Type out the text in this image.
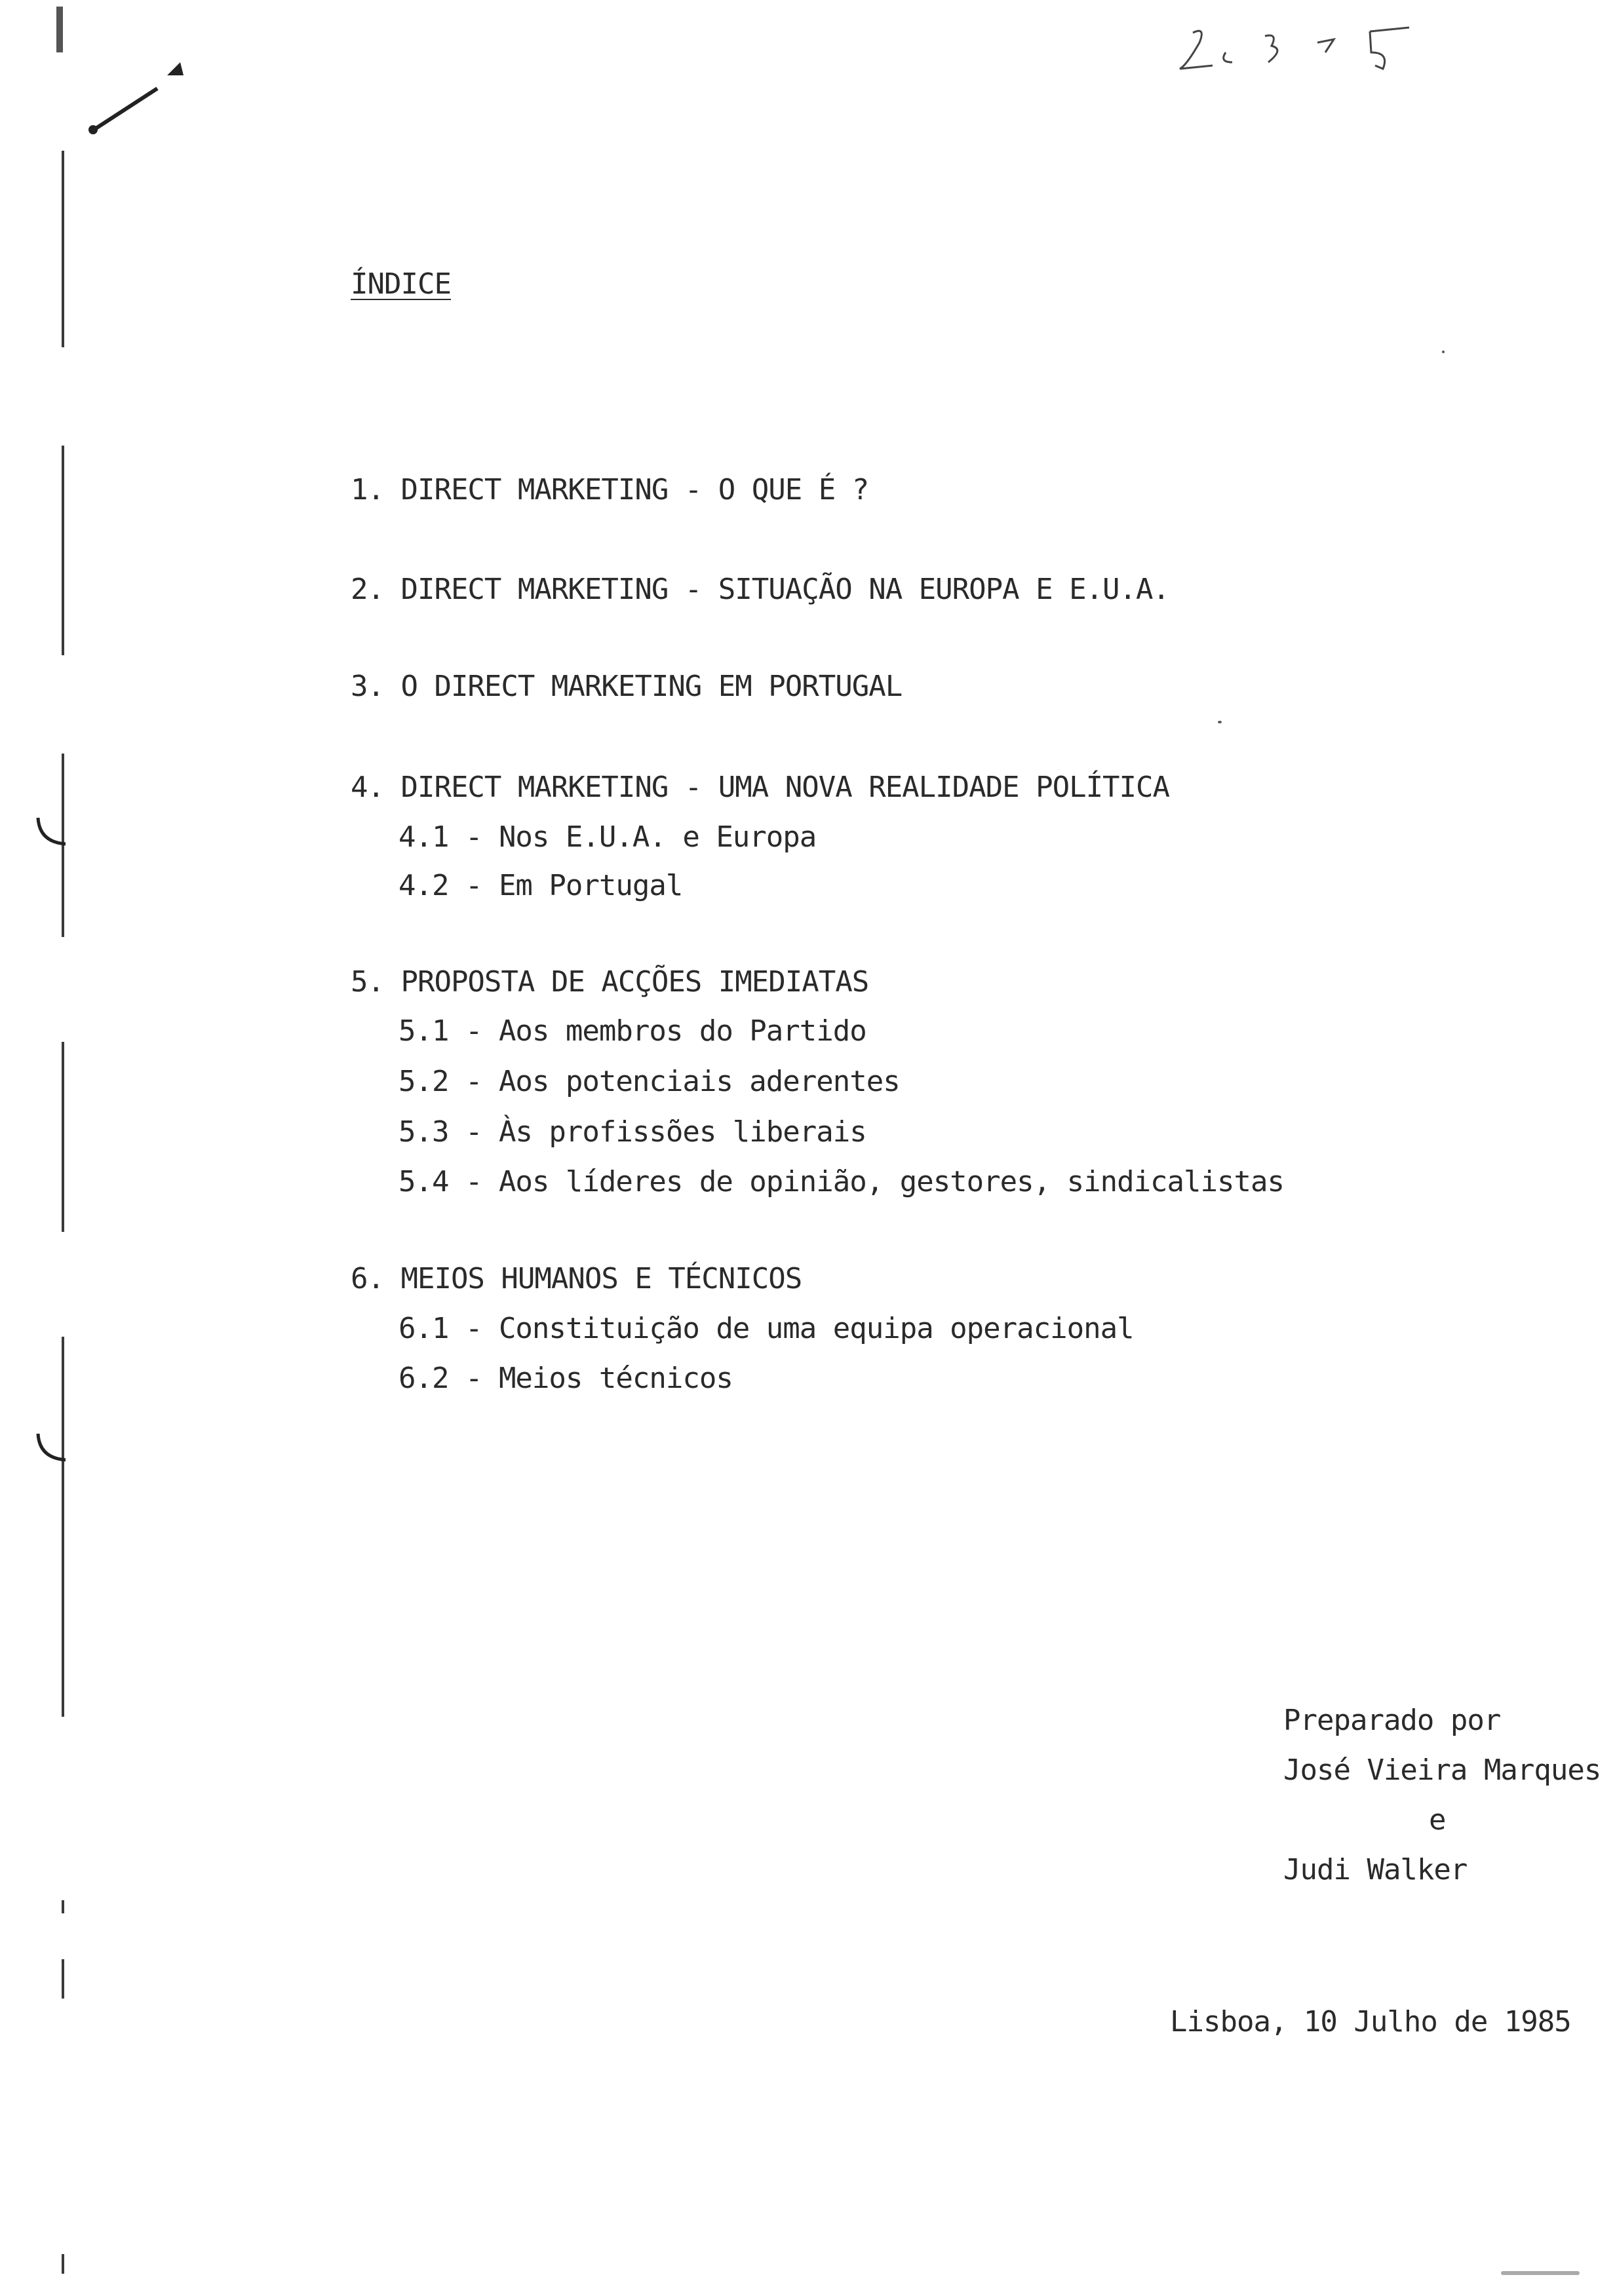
ÍNDICE
1. DIRECT MARKETING - O QUE É ?
2. DIRECT MARKETING - SITUAÇÃO NA EUROPA E E.U.A.
3. O DIRECT MARKETING EM PORTUGAL
4. DIRECT MARKETING - UMA NOVA REALIDADE POLÍTICA
4.1 - Nos E.U.A. e Europa
4.2 - Em Portugal
5. PROPOSTA DE ACÇÕES IMEDIATAS
5.1 - Aos membros do Partido
5.2 - Aos potenciais aderentes
5.3 - Às profissões liberais
5.4 - Aos líderes de opinião, gestores, sindicalistas
6. MEIOS HUMANOS E TÉCNICOS
6.1 - Constituição de uma equipa operacional
6.2 - Meios técnicos
Preparado por
José Vieira Marques
e
Judi Walker
Lisboa, 10 Julho de 1985
